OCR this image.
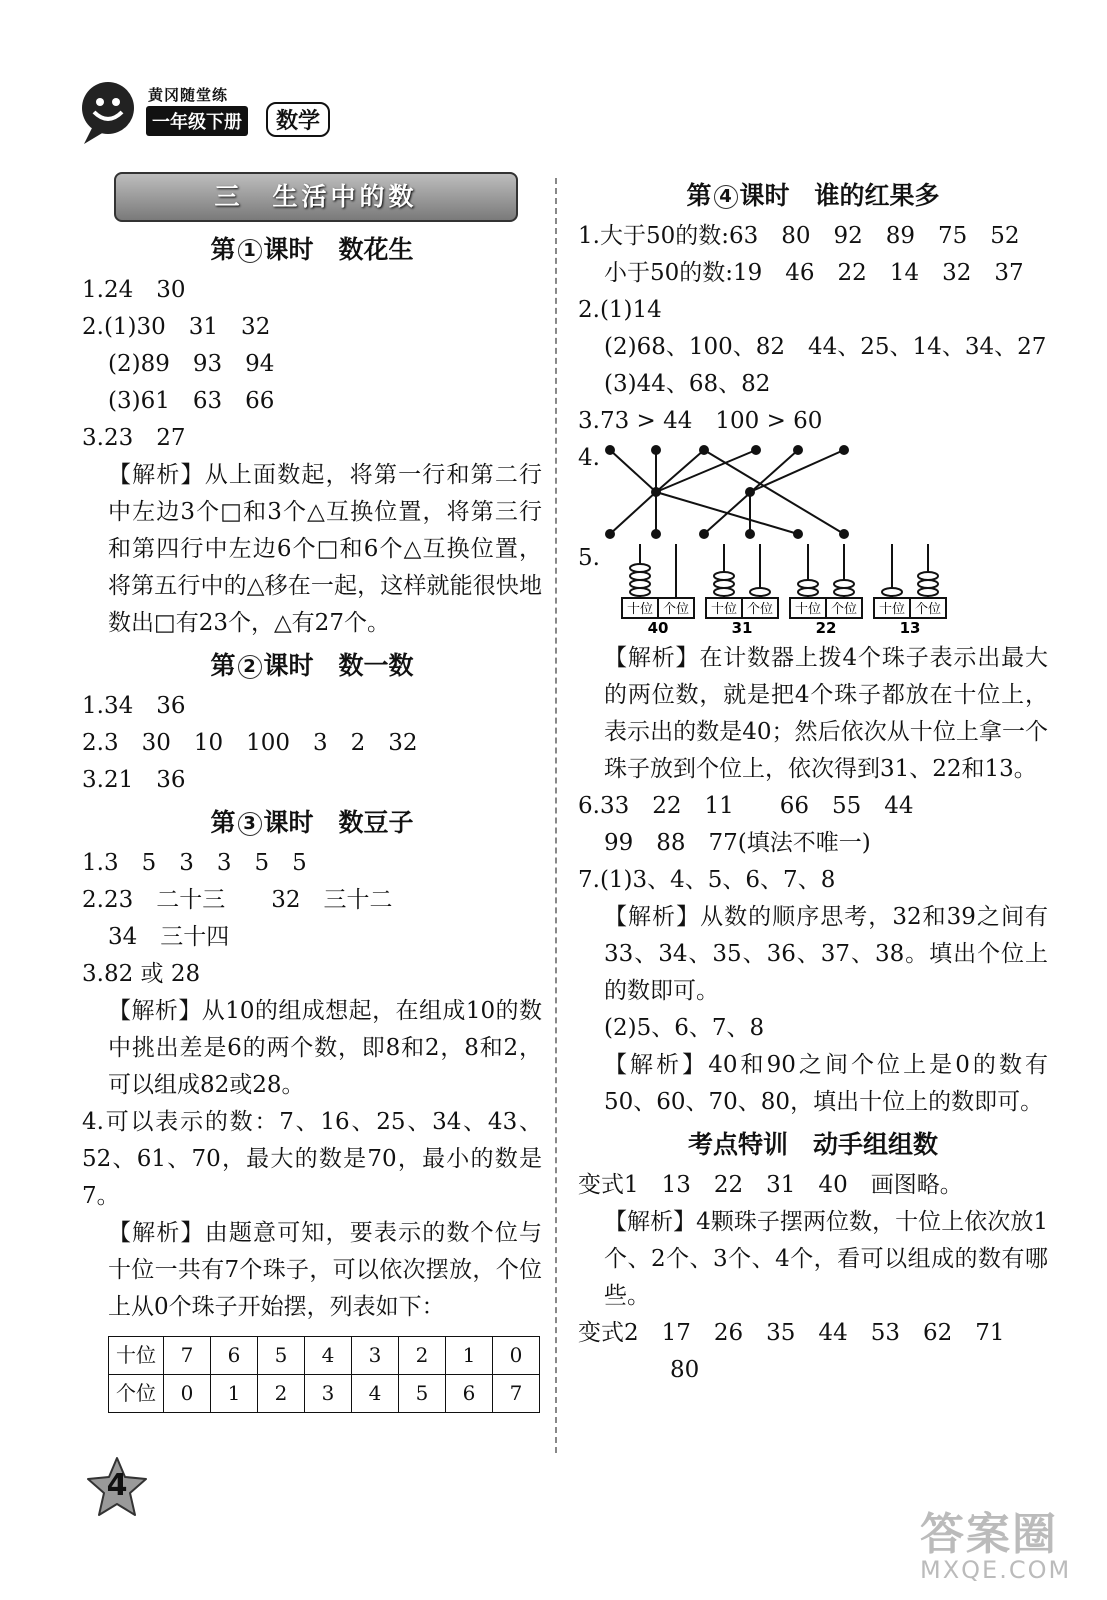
黄冈随堂练
一年级下册	数学
三　生活中的数
第 1 课时　数花生
1.24　30
2.(1)30　31　32
(2)89　93　94
(3)61　63　66
3.23　27
【解析】从上面数起，将第一行和第二行中左边3个□和3个△互换位置，将第三行和第四行中左边6个□和6个△互换位置，将第五行中的△移在一起，这样就能很快地数出□有23个，△有27个。
第 2 课时　数一数
1.34　36
2.3　30　10　100　3　2　32
3.21　36
第 3 课时　数豆子
1.3　5　3　3　5　5
2.23　二十三　　32　三十二
34　三十四
3.82 或 28
【解析】从10的组成想起，在组成10的数中挑出差是6的两个数，即8和2，8和2，可以组成82或28。
4.可以表示的数：7、16、25、34、43、52、61、70，最大的数是70，最小的数是7。
【解析】由题意可知，要表示的数个位与十位一共有7个珠子，可以依次摆放，个位上从0个珠子开始摆，列表如下：
十位	7	6	5	4	3	2	1	0
个位	0	1	2	3	4	5	6	7
第 4 课时　谁的红果多
1.大于50的数:63　80　92　89　75　52
小于50的数:19　46　22　14　32　37
2.(1)14
(2)68、100、82　44、25、14、34、27
(3)44、68、82
3.73 > 44　100 > 60
4.
5.
十位 个位
40
十位 个位
31
十位 个位
22
十位 个位
13
【解析】在计数器上拨4个珠子表示出最大的两位数，就是把4个珠子都放在十位上，表示出的数是40；然后依次从十位上拿一个珠子放到个位上，依次得到31、22和13。
6.33　22　11　　66　55　44
99　88　77(填法不唯一)
7.(1)3、4、5、6、7、8
【解析】从数的顺序思考，32和39之间有33、34、35、36、37、38。填出个位上的数即可。
(2)5、6、7、8
【解析】40和90之间个位上是0的数有50、60、70、80，填出十位上的数即可。
考点特训　动手组组数
变式1　13　22　31　40　画图略。
【解析】4颗珠子摆两位数，十位上依次放1个、2个、3个、4个，看可以组成的数有哪些。
变式2　17　26　35　44　53　62　71
80
4
答案圈
MXQE.COM
